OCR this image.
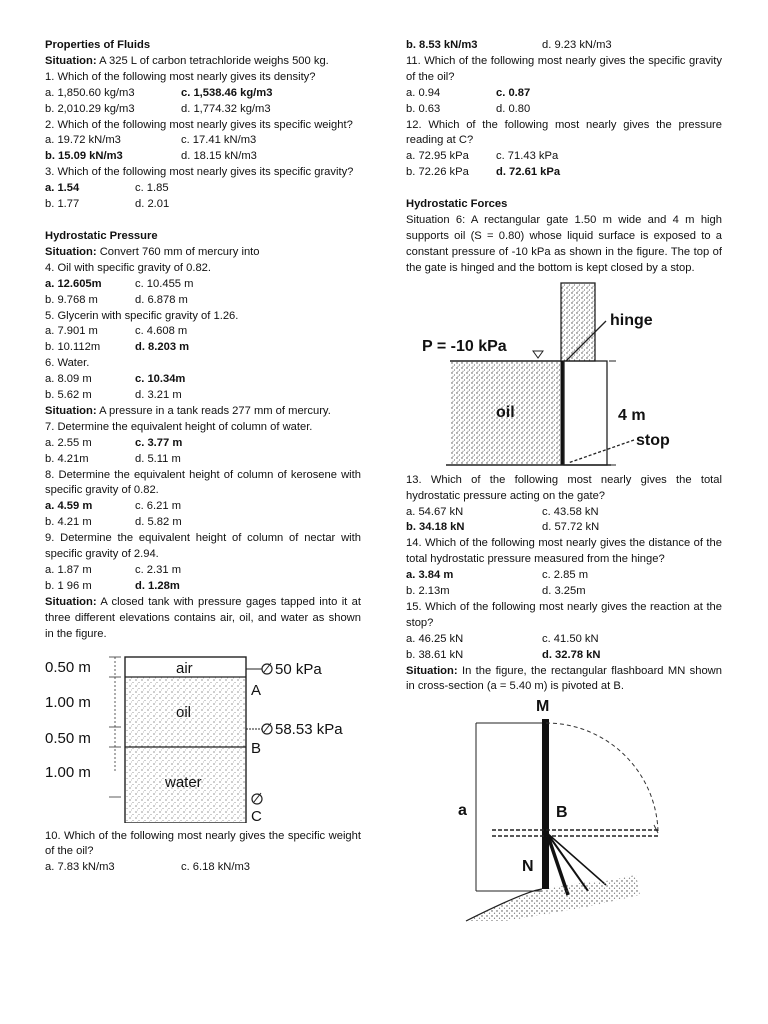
Properties of Fluids

Situation: A 325 L of carbon tetrachloride weighs 500 kg.

1. Which of the following most nearly gives its density?

a. 1,850.60 kg/m3	c. 1,538.46 kg/m3
b. 2,010.29 kg/m3	d. 1,774.32 kg/m3

2. Which of the following most nearly gives its specific weight?

a. 19.72 kN/m3	c. 17.41 kN/m3
b. 15.09 kN/m3	d. 18.15 kN/m3

3. Which of the following most nearly gives its specific gravity?

a. 1.54	c. 1.85
b. 1.77	d. 2.01

Hydrostatic Pressure

Situation: Convert 760 mm of mercury into

4. Oil with specific gravity of 0.82.

a. 12.605m	c. 10.455 m
b. 9.768 m	d. 6.878 m

5. Glycerin with specific gravity of 1.26.

a. 7.901 m	c. 4.608 m
b. 10.112m	d. 8.203 m

6. Water.

a. 8.09 m	c. 10.34m
b. 5.62 m	d. 3.21 m

Situation: A pressure in a tank reads 277 mm of mercury.

7. Determine the equivalent height of column of water.

a. 2.55 m	c. 3.77 m
b. 4.21m	d. 5.11 m

8. Determine the equivalent height of column of kerosene with specific gravity of 0.82.

a. 4.59 m	c. 6.21 m
b. 4.21 m	d. 5.82 m

9. Determine the equivalent height of column of nectar with specific gravity of 2.94.

a. 1.87 m	c. 2.31 m
b. 1 96 m	d. 1.28m

Situation: A closed tank with pressure gages tapped into it at three different elevations contains air, oil, and water as shown in the figure.

0.50 m
1.00 m
0.50 m
1.00 m
air
oil
water
50 kPa
A
58.53 kPa
B
C

10. Which of the following most nearly gives the specific weight of the oil?

a. 7.83 kN/m3	c. 6.18 kN/m3
b. 8.53 kN/m3	d. 9.23 kN/m3

11. Which of the following most nearly gives the specific gravity of the oil?

a. 0.94	c. 0.87
b. 0.63	d. 0.80

12. Which of the following most nearly gives the pressure reading at C?

a. 72.95 kPa	c. 71.43 kPa
b. 72.26 kPa	d. 72.61 kPa

Hydrostatic Forces

Situation 6: A rectangular gate 1.50 m wide and 4 m high supports oil (S = 0.80) whose liquid surface is exposed to a constant pressure of -10 kPa as shown in the figure. The top of the gate is hinged and the bottom is kept closed by a stop.

P = -10 kPa
hinge
oil	4 m
stop

13. Which of the following most nearly gives the total hydrostatic pressure acting on the gate?

a. 54.67 kN	c. 43.58 kN
b. 34.18 kN	d. 57.72 kN

14. Which of the following most nearly gives the distance of the total hydrostatic pressure measured from the hinge?

a. 3.84 m	c. 2.85 m
b. 2.13m	d. 3.25m

15. Which of the following most nearly gives the reaction at the stop?

a. 46.25 kN	c. 41.50 kN
b. 38.61 kN	d. 32.78 kN

Situation: In the figure, the rectangular flashboard MN shown in cross-section (a = 5.40 m) is pivoted at B.

M
a	B
N
